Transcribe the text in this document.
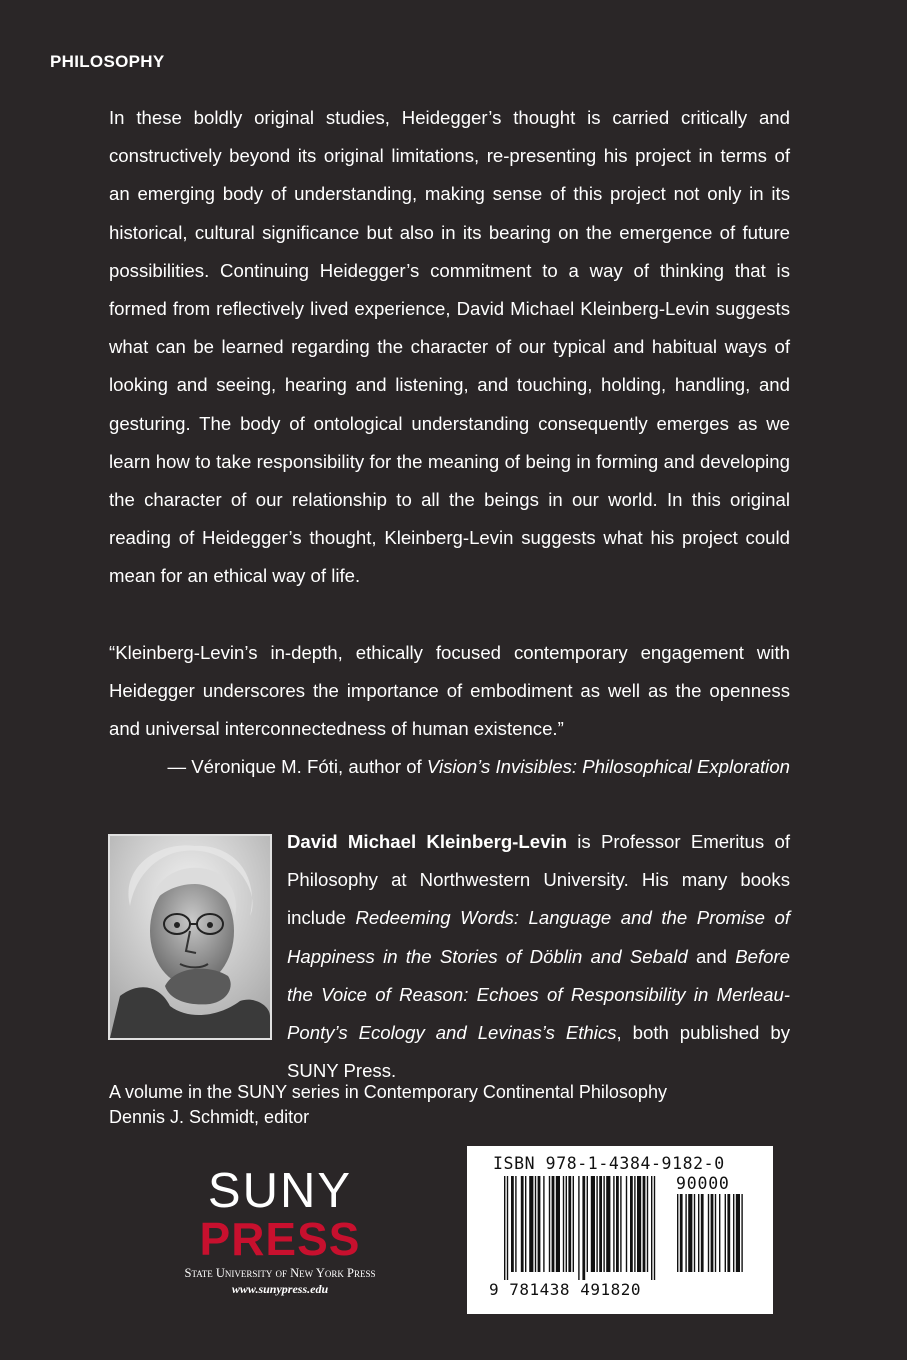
PHILOSOPHY

In these boldly original studies, Heidegger’s thought is carried critically and constructively beyond its original limitations, re-presenting his project in terms of an emerging body of understanding, making sense of this project not only in its historical, cultural significance but also in its bearing on the emergence of future possibilities. Continuing Heidegger’s commitment to a way of thinking that is formed from reflectively lived experience, David Michael Kleinberg-Levin suggests what can be learned regarding the character of our typical and habitual ways of looking and seeing, hearing and listening, and touching, holding, handling, and gesturing. The body of ontological understanding consequently emerges as we learn how to take responsibility for the meaning of being in forming and developing the character of our relationship to all the beings in our world. In this original reading of Heidegger’s thought, Kleinberg-Levin suggests what his project could mean for an ethical way of life.

“Kleinberg-Levin’s in-depth, ethically focused contemporary engagement with Heidegger underscores the importance of embodiment as well as the openness and universal interconnectedness of human existence.”

— Véronique M. Fóti, author of Vision’s Invisibles: Philosophical Exploration

David Michael Kleinberg-Levin is Professor Emeritus of Philosophy at Northwestern University. His many books include Redeeming Words: Language and the Promise of Happiness in the Stories of Döblin and Sebald and Before the Voice of Reason: Echoes of Responsibility in Merleau-Ponty’s Ecology and Levinas’s Ethics, both published by SUNY Press.

A volume in the SUNY series in Contemporary Continental Philosophy
Dennis J. Schmidt, editor
SUNY
PRESS
State University of New York Press
www.sunypress.edu
ISBN 978-1-4384-9182-0
90000
9 781438 491820
